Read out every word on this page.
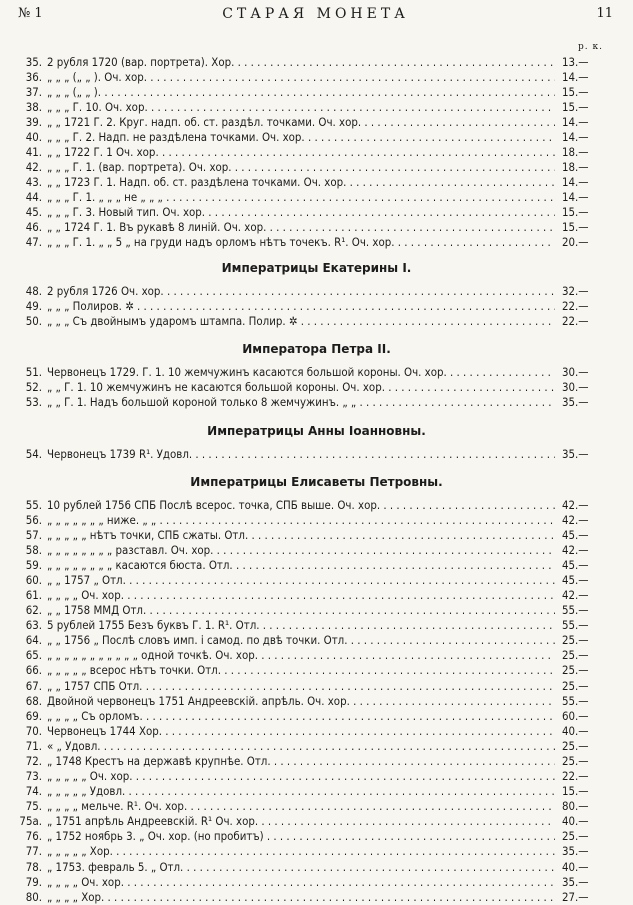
№ 1	СТАРАЯ МОНЕТА	11
р. к.
35. 2 рубля 1720 (вар. портрета). Хор. . . .	13.—
36. „ „ „ („ „ ). Оч. хор. . . .	14.—
37. „ „ „ („ „ ). . . .	15.—
38. „ „ „ Г. 10. Оч. хор. . . .	15.—
39. „ „ 1721 Г. 2. Круг. надп. об. ст. раздѣл. точками. Оч. хор. . . .	14.—
40. „ „ „ Г. 2. Надп. не раздѣлена точками. Оч. хор. . . .	14.—
41. „ „ 1722 Г. 1 Оч. хор. . . .	18.—
42. „ „ „ Г. 1. (вар. портрета). Оч. хор. . . .	18.—
43. „ „ 1723 Г. 1. Надп. об. ст. раздѣлена точками. Оч. хор. . . .	14.—
44. „ „ „ Г. 1. „ „ „ не „ „ „ . . .	14.—
45. „ „ „ Г. 3. Новый тип. Оч. хор. . . .	15.—
46. „ „ 1724 Г. 1. Въ рукавѣ 8 линій. Оч. хор. . . .	15.—
47. „ „ „ Г. 1. „ „ 5 „ на груди надъ орломъ нѣтъ точекъ. R¹. Оч. хор. . . .	20.—
Императрицы Екатерины I.
48. 2 рубля 1726 Оч. хор. . . .	32.—
49. „ „ „ Полиров. ✲ . . .	22.—
50. „ „ „ Съ двойнымъ ударомъ штампа. Полир. ✲ . . .	22.—
Императора Петра II.
51. Червонецъ 1729. Г. 1. 10 жемчужинъ касаются большой короны. Оч. хор. . . .	30.—
52. „ „ Г. 1. 10 жемчужинъ не касаются большой короны. Оч. хор. . . .	30.—
53. „ „ Г. 1. Надъ большой короной только 8 жемчужинъ. „ „ . . .	35.—
Императрицы Анны Іоанновны.
54. Червонецъ 1739 R¹. Удовл. . . .	35.—
Императрицы Елисаветы Петровны.
55. 10 рублей 1756 СПБ Послѣ всерос. точка, СПБ выше. Оч. хор. . . .	42.—
56. „ „ „ „ „ „ „ ниже. „ „ . . .	42.—
57. „ „ „ „ „ нѣтъ точки, СПБ сжаты. Отл. . . .	45.—
58. „ „ „ „ „ „ „ „ разставл. Оч. хор. . . .	42.—
59. „ „ „ „ „ „ „ „ касаются бюста. Отл. . . .	45.—
60. „ „ 1757 „ Отл. . . .	45.—
61. „ „ „ „ Оч. хор. . . .	42.—
62. „ „ 1758 ММД Отл. . . .	55.—
63. 5 рублей 1755 Безъ буквъ Г. 1. R¹. Отл. . . .	55.—
64. „ „ 1756 „ Послѣ словъ имп. і самод. по двѣ точки. Отл. . . .	25.—
65. „ „ „ „ „ „ „ „ „ „ „ одной точкѣ. Оч. хор. . . .	25.—
66. „ „ „ „ „ всерос нѣтъ точки. Отл. . . .	25.—
67. „ „ 1757 СПБ Отл. . . .	25.—
68. Двойной червонецъ 1751 Андреевскій. апрѣль. Оч. хор. . . .	55.—
69. „ „ „ „ Съ орломъ. . . .	60.—
70. Червонецъ 1744 Хор. . . .	40.—
71. « „ Удовл. . . .	25.—
72. „ 1748 Крестъ на державѣ крупнѣе. Отл. . . .	25.—
73. „ „ „ „ „ Оч. хор. . . .	22.—
74. „ „ „ „ „ Удовл. . . .	15.—
75. „ „ „ „ мельче. R¹. Оч. хор. . . .	80.—
75а. „ 1751 апрѣль Андреевскій. R¹ Оч. хор. . . .	40.—
76. „ 1752 ноябрь 3. „ Оч. хор. (но пробитъ) . . .	25.—
77. „ „ „ „ „ Хор. . . .	35.—
78. „ 1753. февраль 5. „ Отл. . . .	40.—
79. „ „ „ „ Оч. хор. . . .	35.—
80. „ „ „ „ Хор. . . .	27.—
